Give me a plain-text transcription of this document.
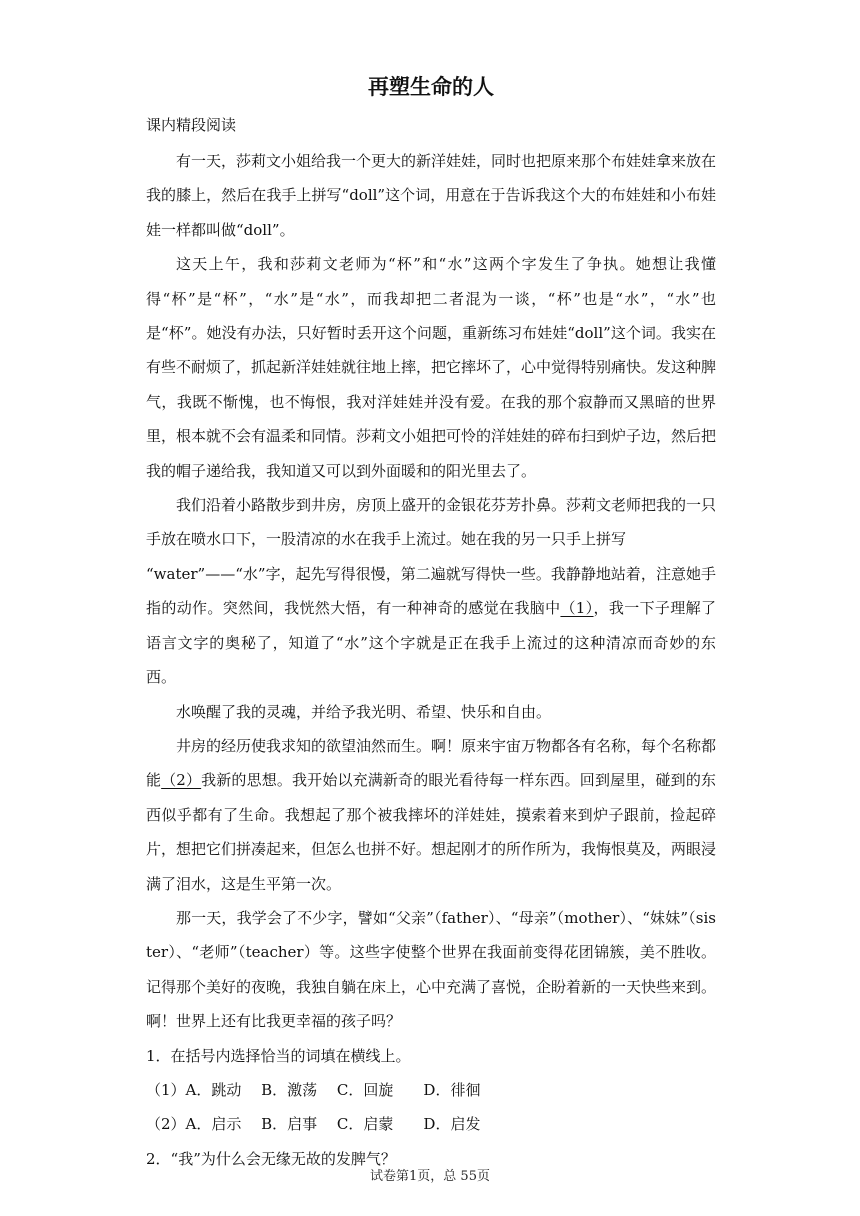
再塑生命的人

课内精段阅读

有一天，莎莉文小姐给我一个更大的新洋娃娃，同时也把原来那个布娃娃拿来放在我的膝上，然后在我手上拼写“doll”这个词，用意在于告诉我这个大的布娃娃和小布娃娃一样都叫做“doll”。

这天上午，我和莎莉文老师为“杯”和“水”这两个字发生了争执。她想让我懂得“杯”是“杯”，“水”是“水”，而我却把二者混为一谈，“杯”也是“水”，“水”也是“杯”。她没有办法，只好暂时丢开这个问题，重新练习布娃娃“doll”这个词。我实在有些不耐烦了，抓起新洋娃娃就往地上摔，把它摔坏了，心中觉得特别痛快。发这种脾气，我既不惭愧，也不悔恨，我对洋娃娃并没有爱。在我的那个寂静而又黑暗的世界里，根本就不会有温柔和同情。莎莉文小姐把可怜的洋娃娃的碎布扫到炉子边，然后把我的帽子递给我，我知道又可以到外面暖和的阳光里去了。

我们沿着小路散步到井房，房顶上盛开的金银花芬芳扑鼻。莎莉文老师把我的一只手放在喷水口下，一股清凉的水在我手上流过。她在我的另一只手上拼写

“water”——“水”字，起先写得很慢，第二遍就写得快一些。我静静地站着，注意她手指的动作。突然间，我恍然大悟，有一种神奇的感觉在我脑中（1），我一下子理解了语言文字的奥秘了，知道了“水”这个字就是正在我手上流过的这种清凉而奇妙的东西。

水唤醒了我的灵魂，并给予我光明、希望、快乐和自由。

井房的经历使我求知的欲望油然而生。啊！原来宇宙万物都各有名称，每个名称都能（2）我新的思想。我开始以充满新奇的眼光看待每一样东西。回到屋里，碰到的东西似乎都有了生命。我想起了那个被我摔坏的洋娃娃，摸索着来到炉子跟前，捡起碎片，想把它们拼凑起来，但怎么也拼不好。想起刚才的所作所为，我悔恨莫及，两眼浸满了泪水，这是生平第一次。

那一天，我学会了不少字，譬如“父亲”（father）、“母亲”（mother）、“妹妹”（sister）、“老师”（teacher）等。这些字使整个世界在我面前变得花团锦簇，美不胜收。记得那个美好的夜晚，我独自躺在床上，心中充满了喜悦，企盼着新的一天快些来到。啊！世界上还有比我更幸福的孩子吗？

1．在括号内选择恰当的词填在横线上。

（1）A．跳动　 B．激荡　 C．回旋　　D．徘徊

（2）A．启示　 B．启事　 C．启蒙　　D．启发

2．“我”为什么会无缘无故的发脾气？

试卷第1页，总 55页
